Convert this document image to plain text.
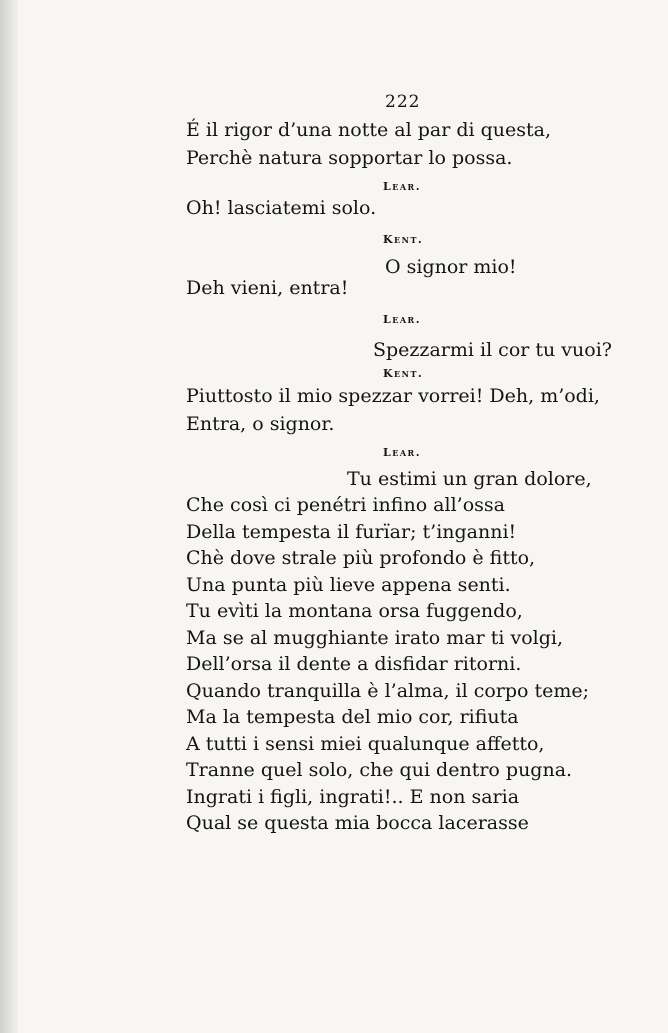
222
É il rigor d’una notte al par di questa,
Perchè natura sopportar lo possa.
Lear.
Oh! lasciatemi solo.
Kent.
O signor mio!
Deh vieni, entra!
Lear.
Spezzarmi il cor tu vuoi?
Kent.
Piuttosto il mio spezzar vorrei! Deh, m’odi,
Entra, o signor.
Lear.
Tu estimi un gran dolore,
Che così ci penétri infino all’ossa
Della tempesta il furïar; t’inganni!
Chè dove strale più profondo è fitto,
Una punta più lieve appena senti.
Tu evìti la montana orsa fuggendo,
Ma se al mugghiante irato mar ti volgi,
Dell’orsa il dente a disfidar ritorni.
Quando tranquilla è l’alma, il corpo teme;
Ma la tempesta del mio cor, rifiuta
A tutti i sensi miei qualunque affetto,
Tranne quel solo, che qui dentro pugna.
Ingrati i figli, ingrati!.. E non saria
Qual se questa mia bocca lacerasse
